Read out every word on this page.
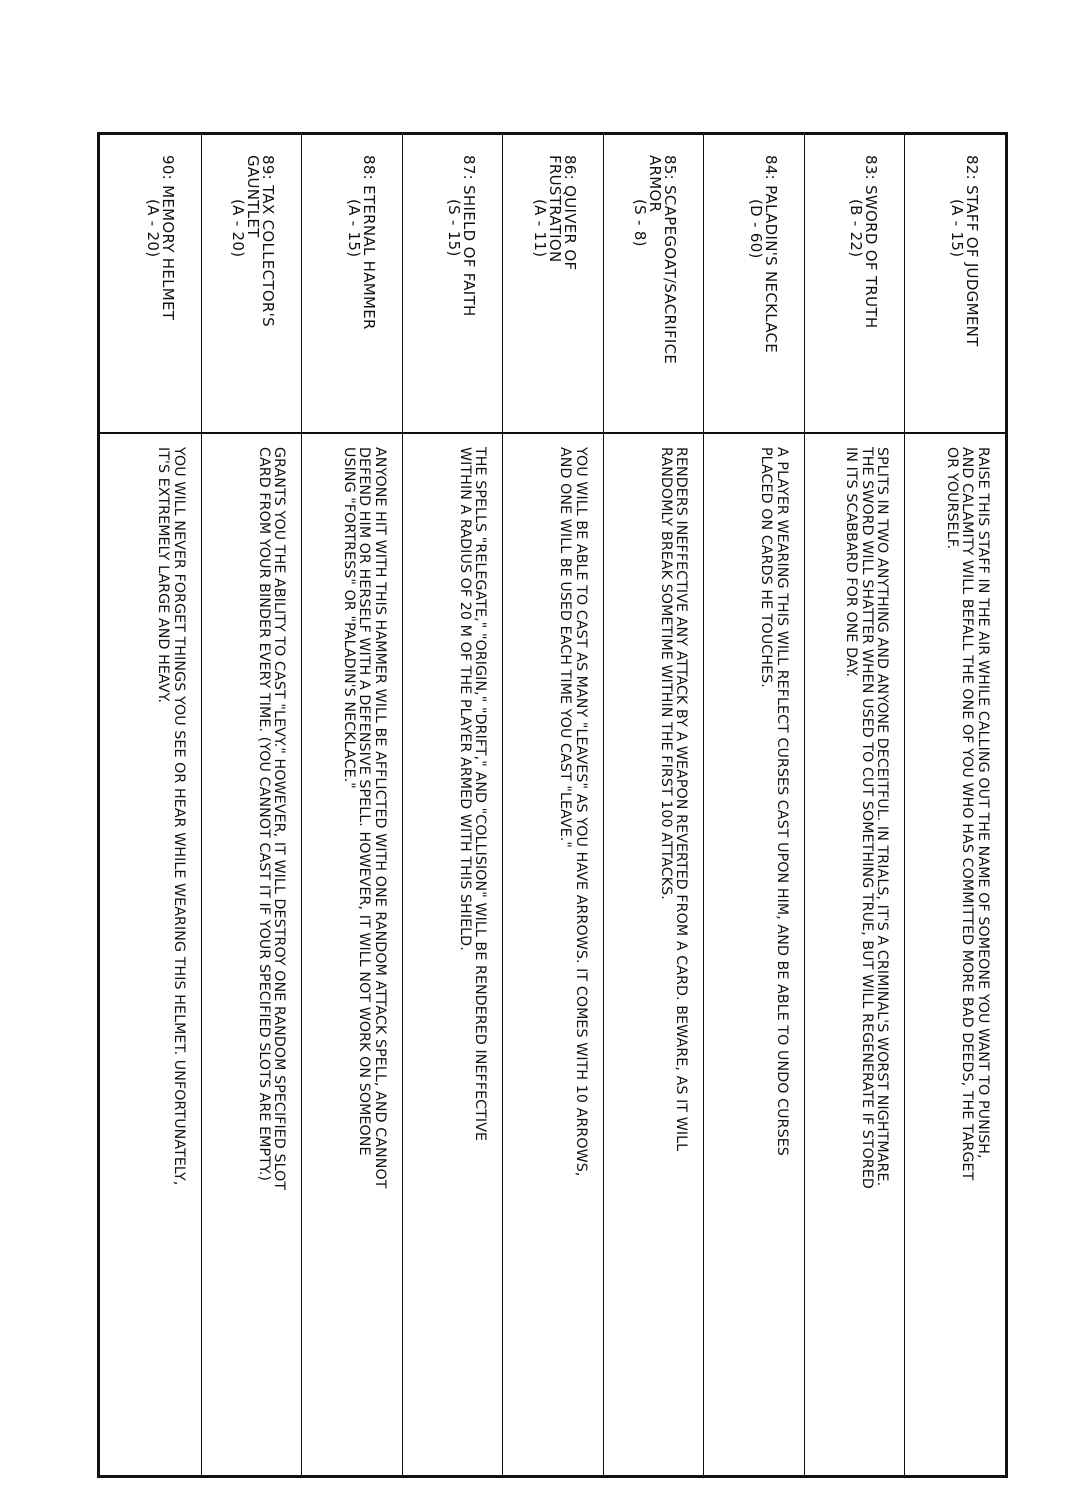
82: STAFF OF JUDGMENT
(A - 15)
RAISE THIS STAFF IN THE AIR WHILE CALLING OUT THE NAME OF SOMEONE YOU WANT TO PUNISH,
AND CALAMITY WILL BEFALL THE ONE OF YOU WHO HAS COMMITTED MORE BAD DEEDS, THE TARGET
OR YOURSELF.
83: SWORD OF TRUTH
(B - 22)
SPLITS IN TWO ANYTHING AND ANYONE DECEITFUL. IN TRIALS, IT'S A CRIMINAL'S WORST NIGHTMARE.
THE SWORD WILL SHATTER WHEN USED TO CUT SOMETHING TRUE, BUT WILL REGENERATE IF STORED
IN ITS SCABBARD FOR ONE DAY.
84: PALADIN'S NECKLACE
(D - 60)
A PLAYER WEARING THIS WILL REFLECT CURSES CAST UPON HIM, AND BE ABLE TO UNDO CURSES
PLACED ON CARDS HE TOUCHES.
85: SCAPEGOAT/SACRIFICE
ARMOR
(S - 8)
RENDERS INEFFECTIVE ANY ATTACK BY A WEAPON REVERTED FROM A CARD. BEWARE, AS IT WILL
RANDOMLY BREAK SOMETIME WITHIN THE FIRST 100 ATTACKS.
86: QUIVER OF
FRUSTRATION
(A - 11)
YOU WILL BE ABLE TO CAST AS MANY "LEAVES" AS YOU HAVE ARROWS. IT COMES WITH 10 ARROWS,
AND ONE WILL BE USED EACH TIME YOU CAST "LEAVE."
87: SHIELD OF FAITH
(S - 15)
THE SPELLS "RELEGATE," "ORIGIN," "DRIFT," AND "COLLISION" WILL BE RENDERED INEFFECTIVE
WITHIN A RADIUS OF 20 M OF THE PLAYER ARMED WITH THIS SHIELD.
88: ETERNAL HAMMER
(A - 15)
ANYONE HIT WITH THIS HAMMER WILL BE AFFLICTED WITH ONE RANDOM ATTACK SPELL, AND CANNOT
DEFEND HIM OR HERSELF WITH A DEFENSIVE SPELL. HOWEVER, IT WILL NOT WORK ON SOMEONE
USING "FORTRESS" OR "PALADIN'S NECKLACE."
89: TAX COLLECTOR'S
GAUNTLET
(A - 20)
GRANTS YOU THE ABILITY TO CAST "LEVY." HOWEVER, IT WILL DESTROY ONE RANDOM SPECIFIED SLOT
CARD FROM YOUR BINDER EVERY TIME. (YOU CANNOT CAST IT IF YOUR SPECIFIED SLOTS ARE EMPTY.)
90: MEMORY HELMET
(A - 20)
YOU WILL NEVER FORGET THINGS YOU SEE OR HEAR WHILE WEARING THIS HELMET. UNFORTUNATELY,
IT'S EXTREMELY LARGE AND HEAVY.
